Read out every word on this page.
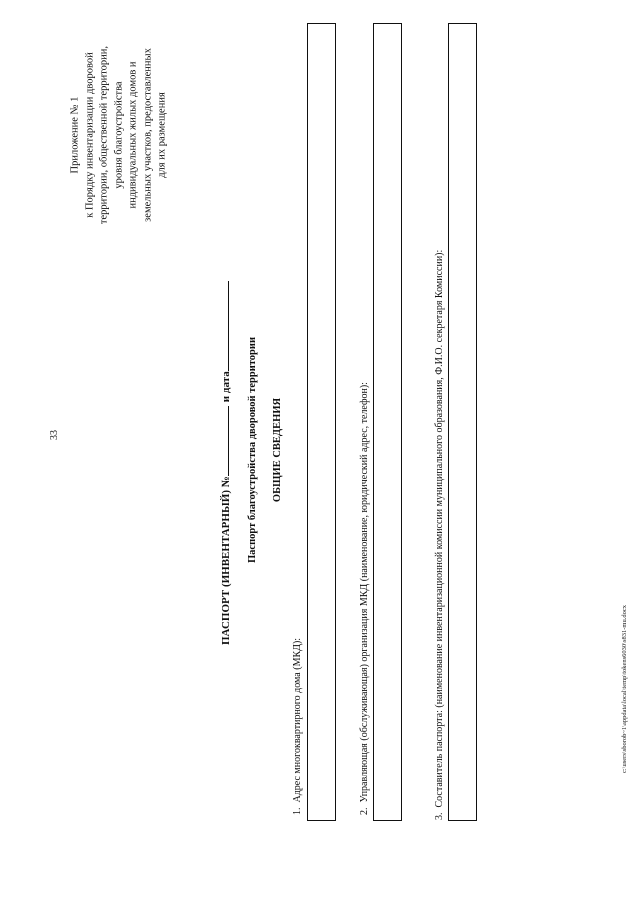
33
Приложение № 1 к Порядку инвентаризации дворовой территории, общественной территории, уровня благоустройства индивидуальных жилых домов и земельных участков, предоставленных для их размещения
ПАСПОРТ (ИНВЕНТАРНЫЙ) №и дата Паспорт благоустройства дворовой территории ОБЩИЕ СВЕДЕНИЯ
1.  Адрес многоквартирного дома (МКД):
2.  Управляющая (обслуживающая) организация МКД (наименование, юридический адрес, телефон):
3.  Составитель паспорта: (наименование инвентаризационной комиссии муниципального образования, Ф.И.О. секретаря Комиссии):	c:\users\sborob~1\appdata\local\temp\tokens6030\s831-mu.docx
